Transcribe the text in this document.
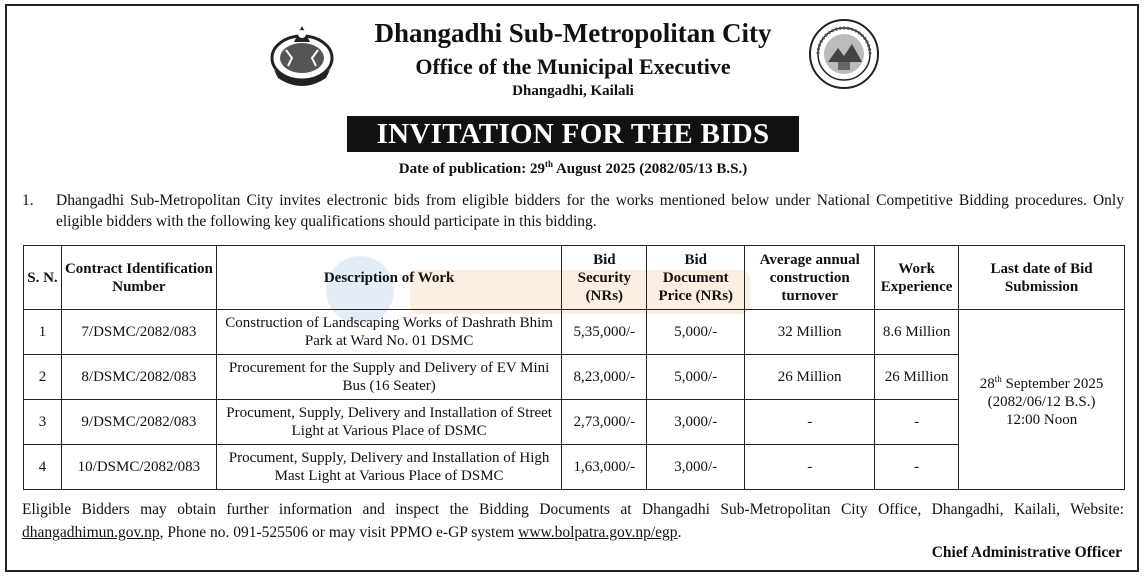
Dhangadhi Sub-Metropolitan City
Office of the Municipal Executive
Dhangadhi, Kailali
INVITATION FOR THE BIDS
Date of publication: 29th August 2025 (2082/05/13 B.S.)
1. Dhangadhi Sub-Metropolitan City invites electronic bids from eligible bidders for the works mentioned below under National Competitive Bidding procedures. Only eligible bidders with the following key qualifications should participate in this bidding.
S. N.	Contract Identification Number	Description of Work	Bid Security (NRs)	Bid Document Price (NRs)	Average annual construction turnover	Work Experience	Last date of Bid Submission
1	7/DSMC/2082/083	Construction of Landscaping Works of Dashrath Bhim Park at Ward No. 01 DSMC	5,35,000/-	5,000/-	32 Million	8.6 Million	28th September 2025
(2082/06/12 B.S.)
12:00 Noon
2	8/DSMC/2082/083	Procurement for the Supply and Delivery of EV Mini Bus (16 Seater)	8,23,000/-	5,000/-	26 Million	26 Million	
3	9/DSMC/2082/083	Procument, Supply, Delivery and Installation of Street Light at Various Place of DSMC	2,73,000/-	3,000/-	-	-	
4	10/DSMC/2082/083	Procument, Supply, Delivery and Installation of High Mast Light at Various Place of DSMC	1,63,000/-	3,000/-	-	-	
Eligible Bidders may obtain further information and inspect the Bidding Documents at Dhangadhi Sub-Metropolitan City Office, Dhangadhi, Kailali, Website: dhangadhimun.gov.np, Phone no. 091-525506 or may visit PPMO e-GP system www.bolpatra.gov.np/egp.
Chief Administrative Officer
